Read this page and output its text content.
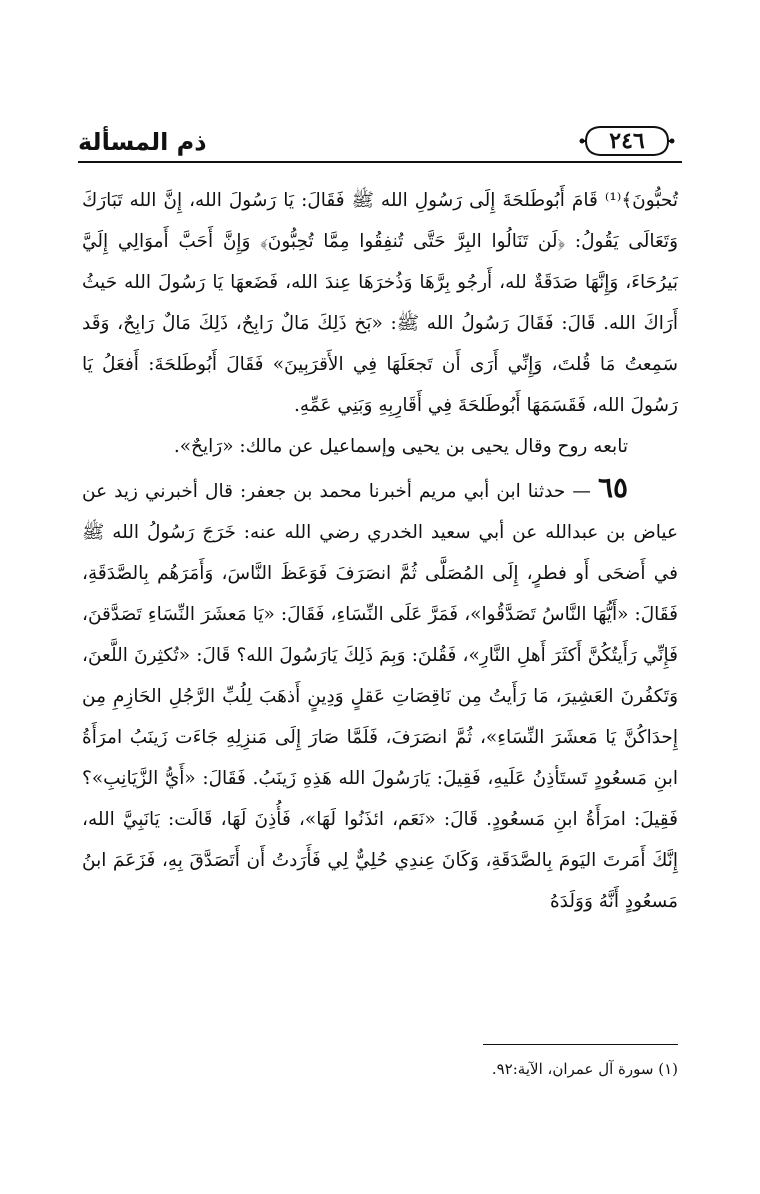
ذم المسألة	٢٤٦

تُحبُّونَ﴾⁽¹⁾ قَامَ أَبُوطَلحَةَ إِلَى رَسُولِ الله ﷺ فَقَالَ: يَا رَسُولَ الله، إِنَّ الله تَبَارَكَ وَتَعَالَى يَقُولُ: ﴿لَن تَنَالُوا البِرَّ حَتَّى تُنفِقُوا مِمَّا تُحِبُّونَ﴾ وَإِنَّ أَحَبَّ أَموَالِي إِلَيَّ بَيرُحَاءَ، وَإِنَّهَا صَدَقَةٌ لله، أَرجُو بِرَّهَا وَذُخرَهَا عِندَ الله، فَضَعهَا يَا رَسُولَ الله حَيثُ أَرَاكَ الله. قَالَ: فَقَالَ رَسُولُ الله ﷺ: «بَخ ذَلِكَ مَالٌ رَابِحٌ، ذَلِكَ مَالٌ رَابِحٌ، وَقَد سَمِعتُ مَا قُلتَ، وَإِنِّي أَرَى أَن تَجعَلَهَا فِي الأَقرَبِينَ» فَقَالَ أَبُوطَلحَةَ: أَفعَلُ يَا رَسُولَ الله، فَقَسَمَهَا أَبُوطَلحَةَ فِي أَقَارِبِهِ وَبَنِي عَمِّهِ.

تابعه روح وقال يحيى بن يحيى وإسماعيل عن مالك: «رَايحٌ».

٦٥ — حدثنا ابن أبي مريم أخبرنا محمد بن جعفر: قال أخبرني زيد عن عياض بن عبدالله عن أبي سعيد الخدري رضي الله عنه: خَرَجَ رَسُولُ الله ﷺ في أَضحَى أَو فطرٍ، إِلَى المُصَلَّى ثُمَّ انصَرَفَ فَوَعَظَ النَّاسَ، وَأَمَرَهُم بِالصَّدَقَةِ، فَقَالَ: «أَيُّهَا النَّاسُ تَصَدَّقُوا»، فَمَرَّ عَلَى النِّسَاءِ، فَقَالَ: «يَا مَعشَرَ النِّسَاءِ تَصَدَّقنَ، فَإِنِّي رَأَيتُكُنَّ أَكثَرَ أَهلِ النَّارِ»، فَقُلنَ: وَبِمَ ذَلِكَ يَارَسُولَ الله؟ قَالَ: «تُكثِرنَ اللَّعنَ، وَتَكفُرنَ العَشِيرَ، مَا رَأَيتُ مِن نَاقِصَاتِ عَقلٍ وَدِينٍ أَذهَبَ لِلُبِّ الرَّجُلِ الحَازِمِ مِن إِحدَاكُنَّ يَا مَعشَرَ النِّسَاءِ»، ثُمَّ انصَرَفَ، فَلَمَّا صَارَ إِلَى مَنزِلِهِ جَاءَت زَينَبُ امرَأَةُ ابنِ مَسعُودٍ تَستَأذِنُ عَلَيهِ، فَقِيلَ: يَارَسُولَ الله هَذِهِ زَينَبُ. فَقَالَ: «أَيُّ الزَّيَانِبِ»؟ فَقِيلَ: امرَأَةُ ابنِ مَسعُودٍ. قَالَ: «نَعَم، ائذَنُوا لَهَا»، فَأُذِنَ لَهَا، قَالَت: يَانَبِيَّ الله، إِنَّكَ أَمَرتَ اليَومَ بِالصَّدَقَةِ، وَكَانَ عِندِي حُلِيٌّ لِي فَأَرَدتُ أَن أَتَصَدَّقَ بِهِ، فَزَعَمَ ابنُ مَسعُودٍ أَنَّهُ وَوَلَدَهُ

(١) سورة آل عمران، الآية:٩٢.
